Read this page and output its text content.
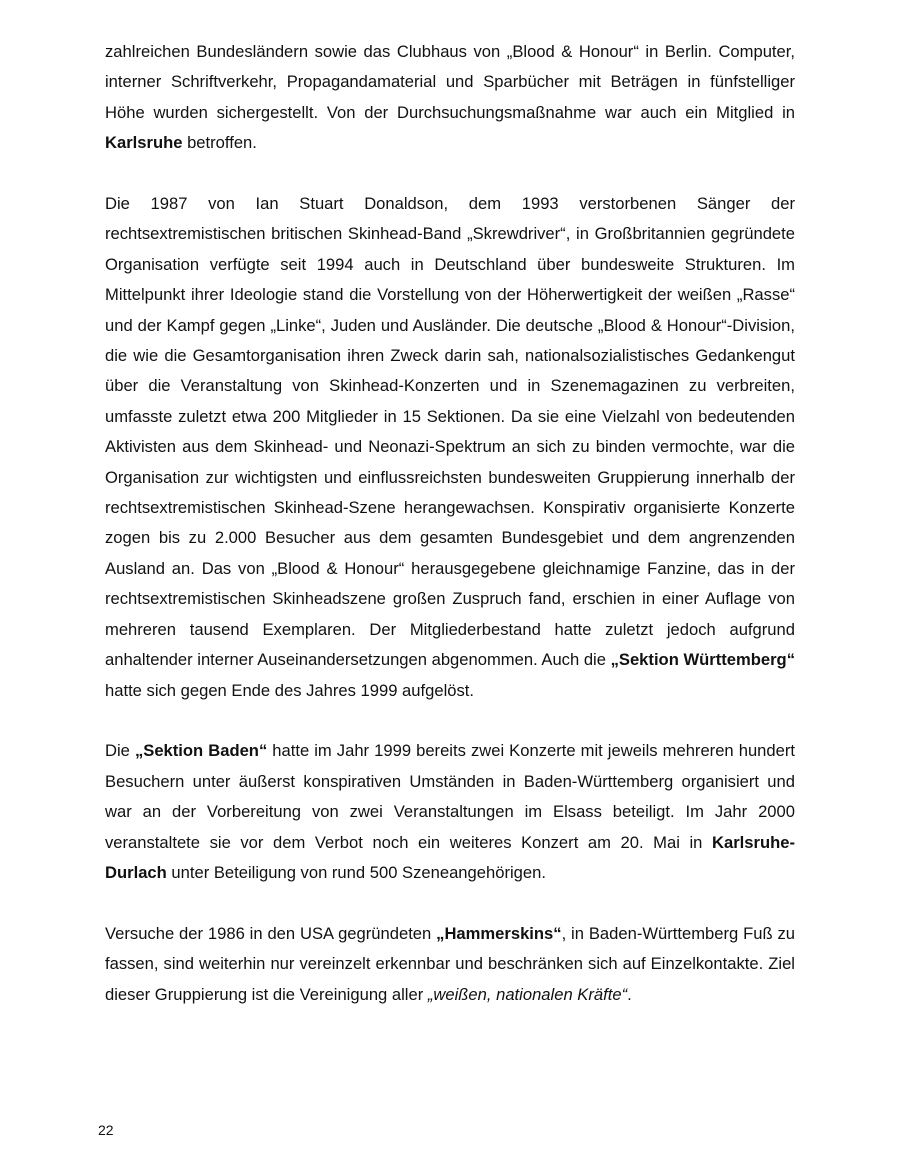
zahlreichen Bundesländern sowie das Clubhaus von „Blood & Honour“ in Berlin. Computer, interner Schriftverkehr, Propagandamaterial und Sparbücher mit Beträgen in fünfstelliger Höhe wurden sichergestellt. Von der Durchsuchungsmaßnahme war auch ein Mitglied in Karlsruhe betroffen.

Die 1987 von Ian Stuart Donaldson, dem 1993 verstorbenen Sänger der rechtsextremistischen britischen Skinhead-Band „Skrewdriver“, in Großbritannien gegründete Organisation verfügte seit 1994 auch in Deutschland über bundesweite Strukturen. Im Mittelpunkt ihrer Ideologie stand die Vorstellung von der Höherwertigkeit der weißen „Rasse“ und der Kampf gegen „Linke“, Juden und Ausländer. Die deutsche „Blood & Honour“-Division, die wie die Gesamtorganisation ihren Zweck darin sah, nationalsozialistisches Gedankengut über die Veranstaltung von Skinhead-Konzerten und in Szenemagazinen zu verbreiten, umfasste zuletzt etwa 200 Mitglieder in 15 Sektionen. Da sie eine Vielzahl von bedeutenden Aktivisten aus dem Skinhead- und Neonazi-Spektrum an sich zu binden vermochte, war die Organisation zur wichtigsten und einflussreichsten bundesweiten Gruppierung innerhalb der rechtsextremistischen Skinhead-Szene herangewachsen. Konspirativ organisierte Konzerte zogen bis zu 2.000 Besucher aus dem gesamten Bundesgebiet und dem angrenzenden Ausland an. Das von „Blood & Honour“ herausgegebene gleichnamige Fanzine, das in der rechtsextremistischen Skinheadszene großen Zuspruch fand, erschien in einer Auflage von mehreren tausend Exemplaren. Der Mitgliederbestand hatte zuletzt jedoch aufgrund anhaltender interner Auseinandersetzungen abgenommen. Auch die „Sektion Württemberg“ hatte sich gegen Ende des Jahres 1999 aufgelöst.

Die „Sektion Baden“ hatte im Jahr 1999 bereits zwei Konzerte mit jeweils mehreren hundert Besuchern unter äußerst konspirativen Umständen in Baden-Württemberg organisiert und war an der Vorbereitung von zwei Veranstaltungen im Elsass beteiligt. Im Jahr 2000 veranstaltete sie vor dem Verbot noch ein weiteres Konzert am 20. Mai in Karlsruhe- Durlach unter Beteiligung von rund 500 Szeneangehörigen.

Versuche der 1986 in den USA gegründeten „Hammerskins“, in Baden-Württemberg Fuß zu fassen, sind weiterhin nur vereinzelt erkennbar und beschränken sich auf Einzelkontakte. Ziel dieser Gruppierung ist die Vereinigung aller „weißen, nationalen Kräfte“.

22
